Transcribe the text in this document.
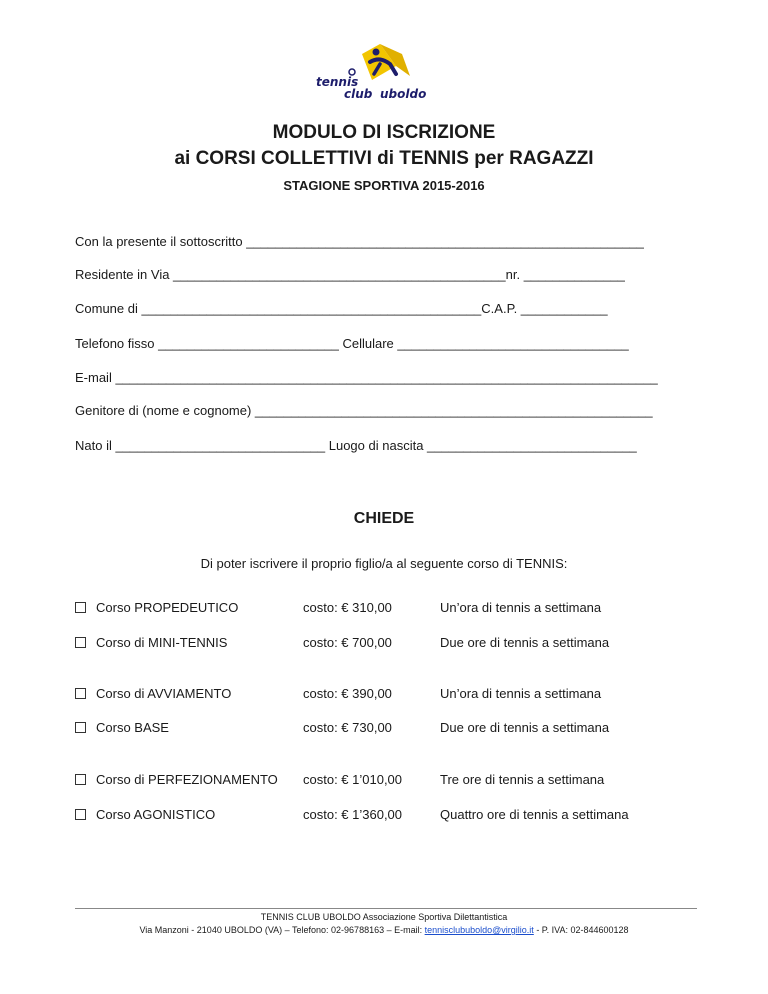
tennis
club uboldo
MODULO DI ISCRIZIONE
ai CORSI COLLETTIVI di TENNIS per RAGAZZI
STAGIONE SPORTIVA 2015-2016
Con la presente il sottoscritto _______________________________________________________
Residente in Via ______________________________________________nr. ______________
Comune di _______________________________________________C.A.P. ____________
Telefono fisso _________________________ Cellulare ________________________________
E-mail ___________________________________________________________________________
Genitore di (nome e cognome) _______________________________________________________
Nato il _____________________________ Luogo di nascita _____________________________
CHIEDE
Di poter iscrivere il proprio figlio/a al seguente corso di TENNIS:
Corso PROPEDEUTICO	costo: € 310,00	Un’ora di tennis a settimana
Corso di MINI-TENNIS	costo: € 700,00	Due ore di tennis a settimana
Corso di AVVIAMENTO	costo: € 390,00	Un’ora di tennis a settimana
Corso BASE	costo: € 730,00	Due ore di tennis a settimana
Corso di PERFEZIONAMENTO costo: € 1’010,00	Tre ore di tennis a settimana
Corso AGONISTICO	costo: € 1’360,00	Quattro ore di tennis a settimana
TENNIS CLUB UBOLDO Associazione Sportiva Dilettantistica
Via Manzoni - 21040 UBOLDO (VA) – Telefono: 02-96788163 – E-mail: tennisclububoldo@virgilio.it - P. IVA: 02-844600128
